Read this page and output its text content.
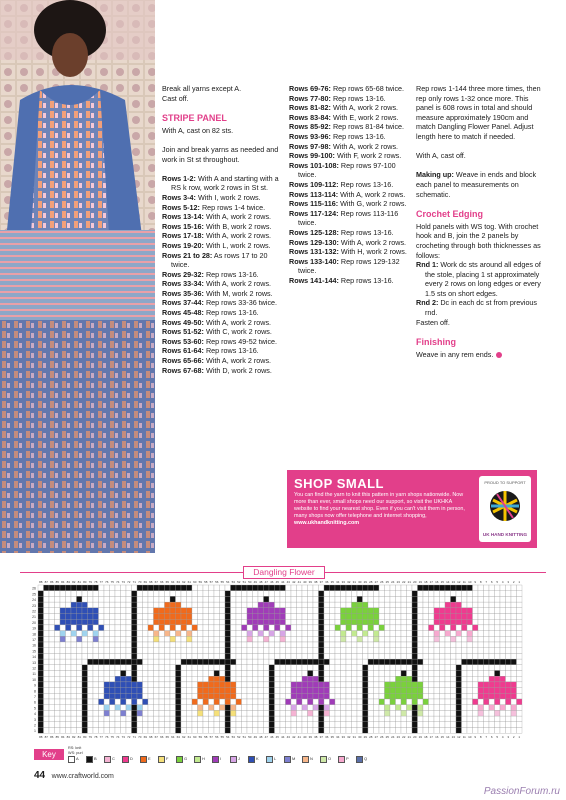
Break all yarns except A.
Cast off.

STRIPE PANEL

With A, cast on 82 sts.

Join and break yarns as needed and work in St st throughout.

Rows 1-2: With A and starting with a RS k row, work 2 rows in St st.
Rows 3-4: With I, work 2 rows.
Rows 5-12: Rep rows 1-4 twice.
Rows 13-14: With A, work 2 rows.
Rows 15-16: With B, work 2 rows.
Rows 17-18: With A, work 2 rows.
Rows 19-20: With L, work 2 rows.
Rows 21 to 28: As rows 17 to 20 twice.
Rows 29-32: Rep rows 13-16.
Rows 33-34: With A, work 2 rows.
Rows 35-36: With M, work 2 rows.
Rows 37-44: Rep rows 33-36 twice.
Rows 45-48: Rep rows 13-16.
Rows 49-50: With A, work 2 rows.
Rows 51-52: With C, work 2 rows.
Rows 53-60: Rep rows 49-52 twice.
Rows 61-64: Rep rows 13-16.
Rows 65-66: With A, work 2 rows.
Rows 67-68: With D, work 2 rows.
Rows 69-76: Rep rows 65-68 twice.
Rows 77-80: Rep rows 13-16.
Rows 81-82: With A, work 2 rows.
Rows 83-84: With E, work 2 rows.
Rows 85-92: Rep rows 81-84 twice.
Rows 93-96: Rep rows 13-16.
Rows 97-98: With A, work 2 rows.
Rows 99-100: With F, work 2 rows.
Rows 101-108: Rep rows 97-100 twice.
Rows 109-112: Rep rows 13-16.
Rows 113-114: With A, work 2 rows.
Rows 115-116: With G, work 2 rows.
Rows 117-124: Rep rows 113-116 twice.
Rows 125-128: Rep rows 13-16.
Rows 129-130: With A, work 2 rows.
Rows 131-132: With H, work 2 rows.
Rows 133-140: Rep rows 129-132 twice.
Rows 141-144: Rep rows 13-16.

Rep rows 1-144 three more times, then rep only rows 1-32 once more. This panel is 608 rows in total and should measure approximately 190cm and match Dangling Flower Panel. Adjust length here to match if needed.

With A, cast off.

Making up: Weave in ends and block each panel to measurements on schematic.

Crochet Edging

Hold panels with WS tog. With crochet hook and B, join the 2 panels by crocheting through both thicknesses as follows:

Rnd 1: Work dc sts around all edges of the stole, placing 1 st approximately every 2 rows on long edges or every 1.5 sts on short edges.
Rnd 2: Dc in each dc st from previous rnd.

Fasten off.

Finishing

Weave in any rem ends.

SHOP SMALL
You can find the yarn to knit this pattern in yarn shops nationwide. Now more than ever, small shops need our support, so visit the UKHKA website to find your nearest shop. Even if you can't visit them in person, many shops now offer telephone and internet shopping, www.ukhandknitting.com
PROUD TO SUPPORT
UK HAND KNITTING
Dangling Flower
88
88
87
87
86
86
85
85
84
84
83
83
82
82
81
81
80
80
79
79
78
78
77
77
76
76
75
75
74
74
73
73
72
72
71
71
70
70
69
69
68
68
67
67
66
66
65
65
64
64
63
63
62
62
61
61
60
60
59
59
58
58
57
57
56
56
55
55
54
54
53
53
52
52
51
51
50
50
49
49
48
48
47
47
46
46
45
45
44
44
43
43
42
42
41
41
40
40
39
39
38
38
37
37
36
36
35
35
34
34
33
33
32
32
31
31
30
30
29
29
28
28
27
27
26
26
25
25
24
24
23
23
22
22
21
21
20
20
19
19
18
18
17
17
16
16
15
15
14
14
13
13
12
12
11
11
10
10
9
9
8
8
7
7
6
6
5
5
4
4
3
3
2
2
1
1
26
25
24
23
22
21
20
19
18
17
16
15
14
13
12
11
10
9
8
7
6
5
4
3
2
1
Key
RS: knit
WS: purl
A	B	C	D	E	F	G	H	I	J	K	L	M	N	O	P	Q
44 www.craftworld.com
PassionForum.ru
